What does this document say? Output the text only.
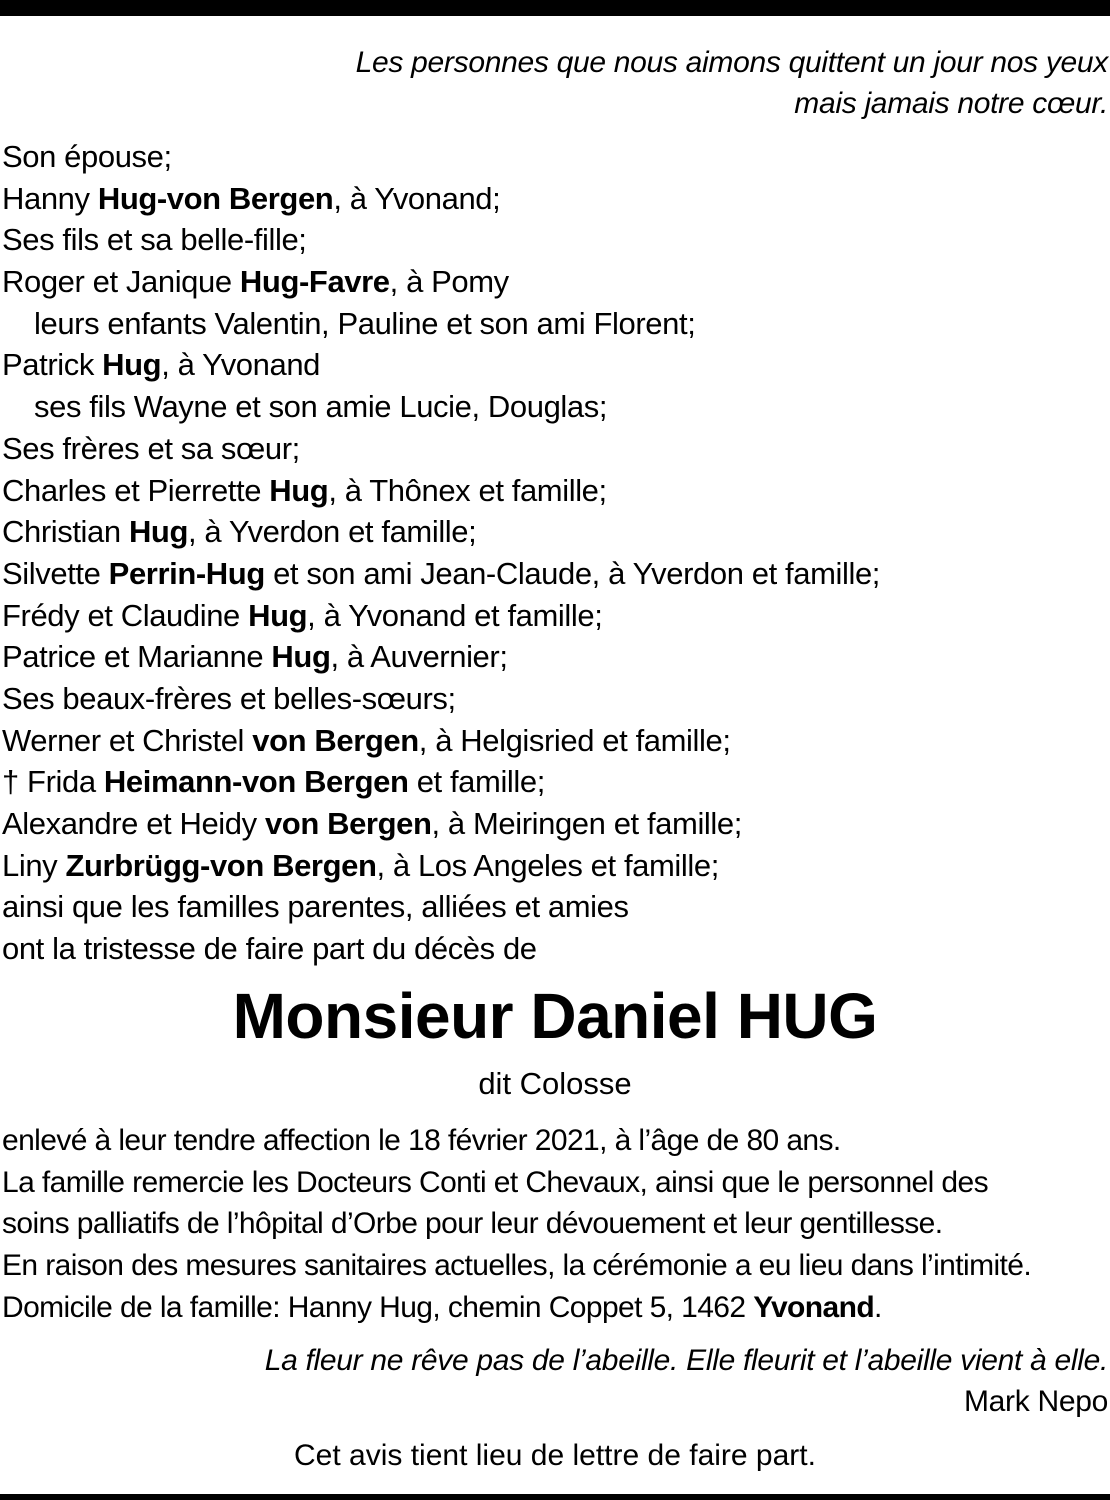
Les personnes que nous aimons quittent un jour nos yeux
mais jamais notre cœur.
Son épouse;
Hanny Hug-von Bergen, à Yvonand;
Ses fils et sa belle-fille;
Roger et Janique Hug-Favre, à Pomy
leurs enfants Valentin, Pauline et son ami Florent;
Patrick Hug, à Yvonand
ses fils Wayne et son amie Lucie, Douglas;
Ses frères et sa sœur;
Charles et Pierrette Hug, à Thônex et famille;
Christian Hug, à Yverdon et famille;
Silvette Perrin-Hug et son ami Jean-Claude, à Yverdon et famille;
Frédy et Claudine Hug, à Yvonand et famille;
Patrice et Marianne Hug, à Auvernier;
Ses beaux-frères et belles-sœurs;
Werner et Christel von Bergen, à Helgisried et famille;
† Frida Heimann-von Bergen et famille;
Alexandre et Heidy von Bergen, à Meiringen et famille;
Liny Zurbrügg-von Bergen, à Los Angeles et famille;
ainsi que les familles parentes, alliées et amies
ont la tristesse de faire part du décès de
Monsieur Daniel HUG
dit Colosse
enlevé à leur tendre affection le 18 février 2021, à l’âge de 80 ans.
La famille remercie les Docteurs Conti et Chevaux, ainsi que le personnel des
soins palliatifs de l’hôpital d’Orbe pour leur dévouement et leur gentillesse.
En raison des mesures sanitaires actuelles, la cérémonie a eu lieu dans l’intimité.
Domicile de la famille: Hanny Hug, chemin Coppet 5, 1462 Yvonand.
La fleur ne rêve pas de l’abeille. Elle fleurit et l’abeille vient à elle.
Mark Nepo
Cet avis tient lieu de lettre de faire part.
